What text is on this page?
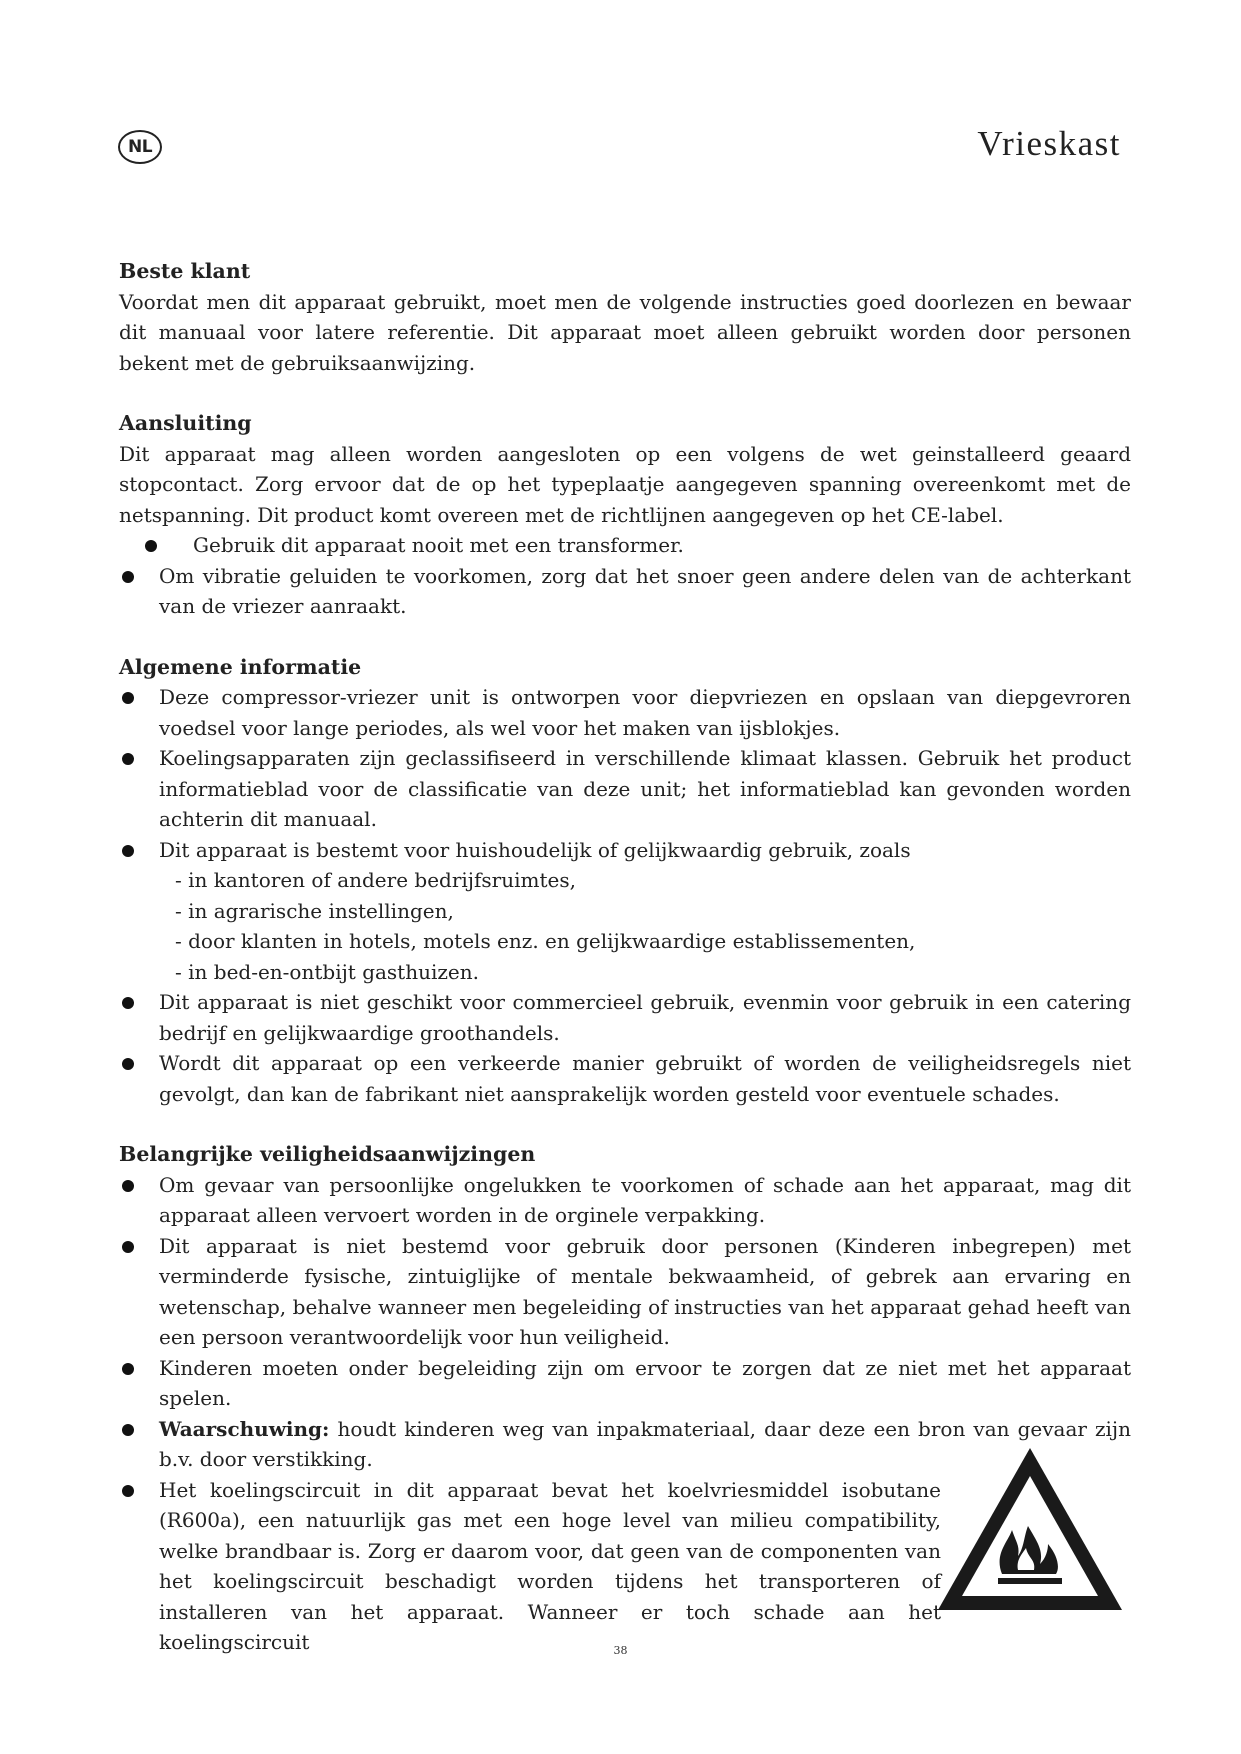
NL	Vrieskast
Beste klant

Voordat men dit apparaat gebruikt, moet men de volgende instructies goed doorlezen en bewaar dit manuaal voor latere referentie. Dit apparaat moet alleen gebruikt worden door personen bekent met de gebruiksaanwijzing.

Aansluiting

Dit apparaat mag alleen worden aangesloten op een volgens de wet geinstalleerd geaard stopcontact. Zorg ervoor dat de op het typeplaatje aangegeven spanning overeenkomt met de netspanning. Dit product komt overeen met de richtlijnen aangegeven op het CE-label.

Gebruik dit apparaat nooit met een transformer.
Om vibratie geluiden te voorkomen, zorg dat het snoer geen andere delen van de achterkant van de vriezer aanraakt.
Algemene informatie
Deze compressor-vriezer unit is ontworpen voor diepvriezen en opslaan van diepgevroren voedsel voor lange periodes, als wel voor het maken van ijsblokjes.
Koelingsapparaten zijn geclassifiseerd in verschillende klimaat klassen. Gebruik het product informatieblad voor de classificatie van deze unit; het informatieblad kan gevonden worden achterin dit manuaal.
Dit apparaat is bestemt voor huishoudelijk of gelijkwaardig gebruik, zoals
- in kantoren of andere bedrijfsruimtes,
- in agrarische instellingen,
- door klanten in hotels, motels enz. en gelijkwaardige establissementen,
- in bed-en-ontbijt gasthuizen.
Dit apparaat is niet geschikt voor commercieel gebruik, evenmin voor gebruik in een catering bedrijf en gelijkwaardige groothandels.
Wordt dit apparaat op een verkeerde manier gebruikt of worden de veiligheidsregels niet gevolgt, dan kan de fabrikant niet aansprakelijk worden gesteld voor eventuele schades.
Belangrijke veiligheidsaanwijzingen
Om gevaar van persoonlijke ongelukken te voorkomen of schade aan het apparaat, mag dit apparaat alleen vervoert worden in de orginele verpakking.
Dit apparaat is niet bestemd voor gebruik door personen (Kinderen inbegrepen) met verminderde fysische, zintuiglijke of mentale bekwaamheid, of gebrek aan ervaring en wetenschap, behalve wanneer men begeleiding of instructies van het apparaat gehad heeft van een persoon verantwoordelijk voor hun veiligheid.
Kinderen moeten onder begeleiding zijn om ervoor te zorgen dat ze niet met het apparaat spelen.
Waarschuwing: houdt kinderen weg van inpakmateriaal, daar deze een bron van gevaar zijn b.v. door verstikking.
Het koelingscircuit in dit apparaat bevat het koelvriesmiddel isobutane (R600a), een natuurlijk gas met een hoge level van milieu compatibility, welke brandbaar is. Zorg er daarom voor, dat geen van de componenten van het koelingscircuit beschadigt worden tijdens het transporteren of installeren van het apparaat. Wanneer er toch schade aan het koelingscircuit	38
